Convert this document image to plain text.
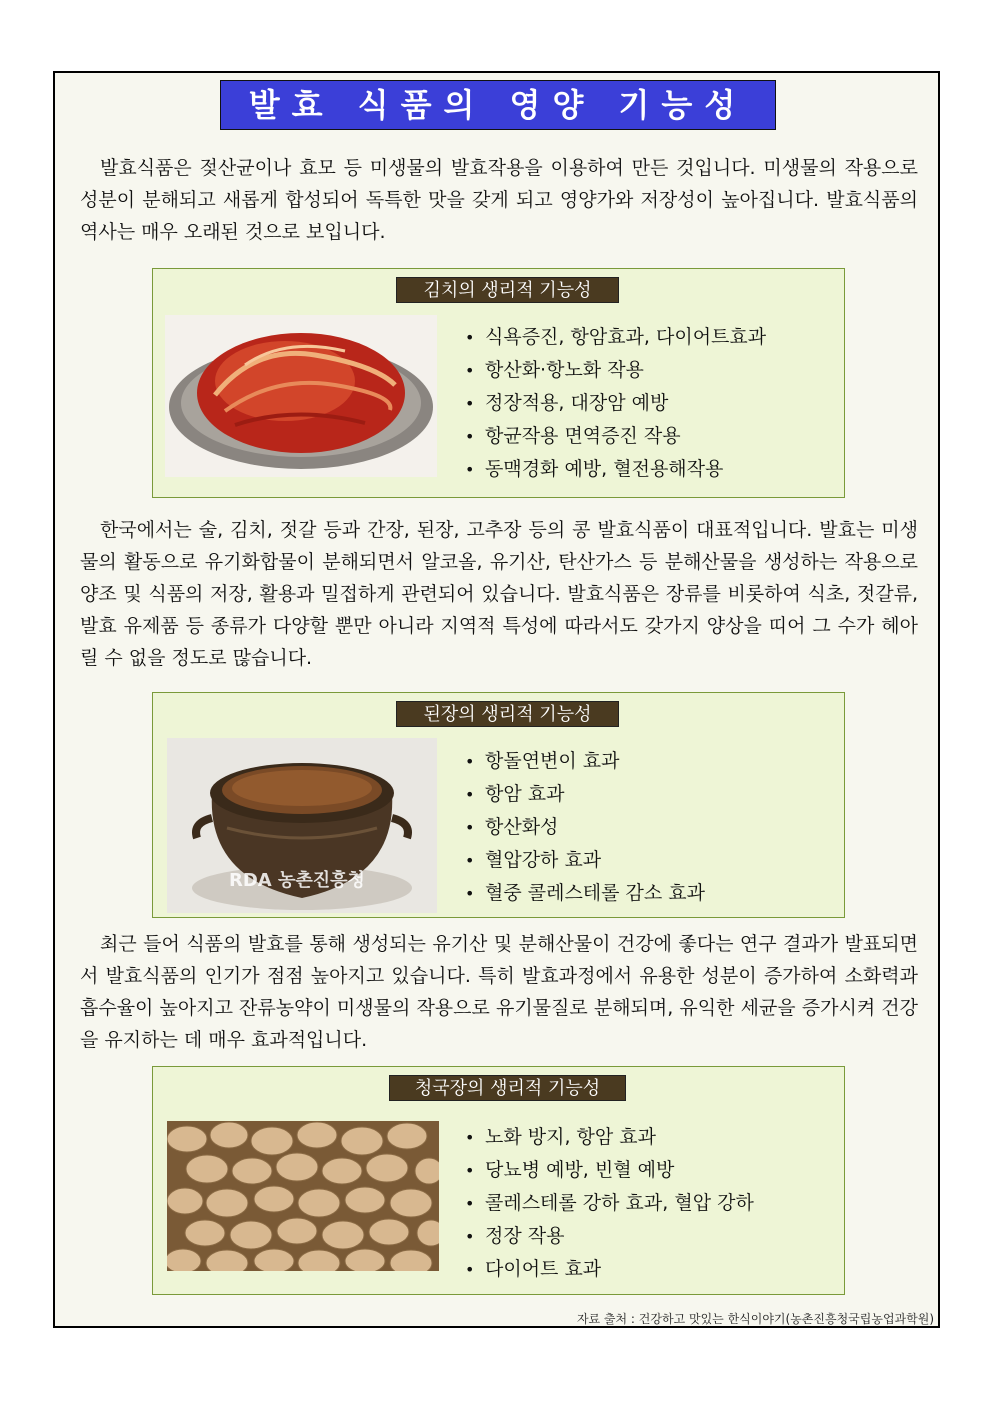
발효 식품의 영양 기능성
발효식품은 젖산균이나 효모 등 미생물의 발효작용을 이용하여 만든 것입니다. 미생물의 작용으로 성분이 분해되고 새롭게 합성되어 독특한 맛을 갖게 되고 영양가와 저장성이 높아집니다. 발효식품의 역사는 매우 오래된 것으로 보입니다.
김치의 생리적 기능성
• 식욕증진, 항암효과, 다이어트효과
• 항산화·항노화 작용
• 정장적용, 대장암 예방
• 항균작용 면역증진 작용
• 동맥경화 예방, 혈전용해작용
한국에서는 술, 김치, 젓갈 등과 간장, 된장, 고추장 등의 콩 발효식품이 대표적입니다. 발효는 미생물의 활동으로 유기화합물이 분해되면서 알코올, 유기산, 탄산가스 등 분해산물을 생성하는 작용으로 양조 및 식품의 저장, 활용과 밀접하게 관련되어 있습니다. 발효식품은 장류를 비롯하여 식초, 젓갈류, 발효 유제품 등 종류가 다양할 뿐만 아니라 지역적 특성에 따라서도 갖가지 양상을 띠어 그 수가 헤아릴 수 없을 정도로 많습니다.
된장의 생리적 기능성
RDA 농촌진흥청
• 항돌연변이 효과
• 항암 효과
• 항산화성
• 혈압강하 효과
• 혈중 콜레스테롤 감소 효과
최근 들어 식품의 발효를 통해 생성되는 유기산 및 분해산물이 건강에 좋다는 연구 결과가 발표되면서 발효식품의 인기가 점점 높아지고 있습니다. 특히 발효과정에서 유용한 성분이 증가하여 소화력과 흡수율이 높아지고 잔류농약이 미생물의 작용으로 유기물질로 분해되며, 유익한 세균을 증가시켜 건강을 유지하는 데 매우 효과적입니다.
청국장의 생리적 기능성
• 노화 방지, 항암 효과
• 당뇨병 예방, 빈혈 예방
• 콜레스테롤 강하 효과, 혈압 강하
• 정장 작용
• 다이어트 효과
자료 출처 : 건강하고 맛있는 한식이야기(농촌진흥청국립농업과학원)
